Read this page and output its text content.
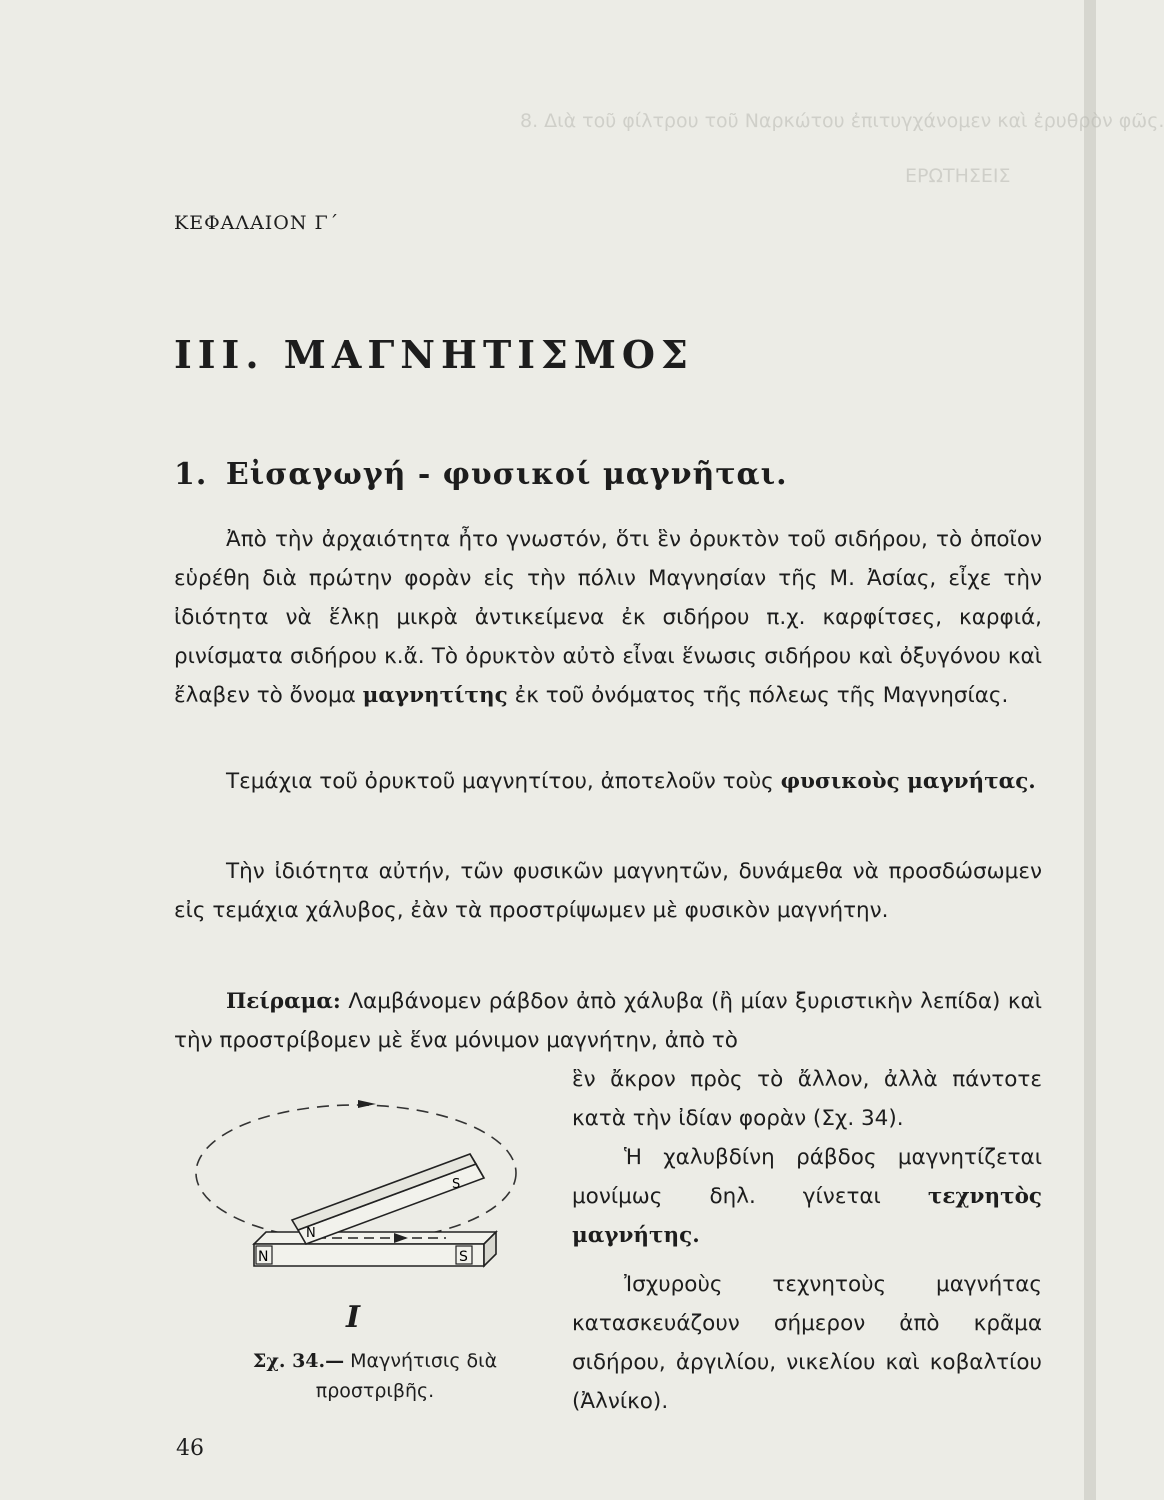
8. Διὰ τοῦ φίλτρου τοῦ Ναρκώτου ἐπιτυγχάνομεν καὶ ἐρυθρὸν φῶς.
ΕΡΩΤΗΣΕΙΣ
ΚΕΦΑΛΑΙΟΝ Γ΄
III. ΜΑΓΝΗΤΙΣΜΟΣ
1. Εἰσαγωγή - φυσικοί μαγνῆται.

Ἀπὸ τὴν ἀρχαιότητα ἦτο γνωστόν, ὅτι ἓν ὀρυκτὸν τοῦ σιδήρου, τὸ ὁποῖον εὑρέθη διὰ πρώτην φορὰν εἰς τὴν πόλιν Μαγνησίαν τῆς Μ. Ἀσίας, εἶχε τὴν ἰδιότητα νὰ ἕλκῃ μικρὰ ἀντικείμενα ἐκ σιδήρου π.χ. καρφίτσες, καρφιά, ρινίσματα σιδήρου κ.ἄ. Τὸ ὀρυκτὸν αὐτὸ εἶναι ἕνωσις σιδήρου καὶ ὀξυγόνου καὶ ἔλαβεν τὸ ὄνομα μαγνητίτης ἐκ τοῦ ὀνόματος τῆς πόλεως τῆς Μαγνησίας.

Τεμάχια τοῦ ὀρυκτοῦ μαγνητίτου, ἀποτελοῦν τοὺς φυσικοὺς μαγνήτας.

Τὴν ἰδιότητα αὐτήν, τῶν φυσικῶν μαγνητῶν, δυνάμεθα νὰ προσδώσωμεν εἰς τεμάχια χάλυβος, ἐὰν τὰ προστρίψωμεν μὲ φυσικὸν μαγνήτην.

Πείραμα: Λαμβάνομεν ράβδον ἀπὸ χάλυβα (ἢ μίαν ξυριστικὴν λεπίδα) καὶ τὴν προστρίβομεν μὲ ἕνα μόνιμον μαγνήτην, ἀπὸ τὸ

ἓν ἄκρον πρὸς τὸ ἄλλον, ἀλλὰ πάντοτε κατὰ τὴν ἰδίαν φορὰν (Σχ. 34).

Ἡ χαλυβδίνη ράβδος μαγνητίζεται μονίμως δηλ. γίνεται τεχνητὸς μαγνήτης.

Ἰσχυροὺς τεχνητοὺς μαγνήτας κατασκευάζουν σήμερον ἀπὸ κρᾶμα σιδήρου, ἀργιλίου, νικελίου καὶ κοβαλτίου (Ἀλνίκο).

N	S
N
S
I
Σχ. 34.— Μαγνήτισις διὰ προστριβῆς.
46
